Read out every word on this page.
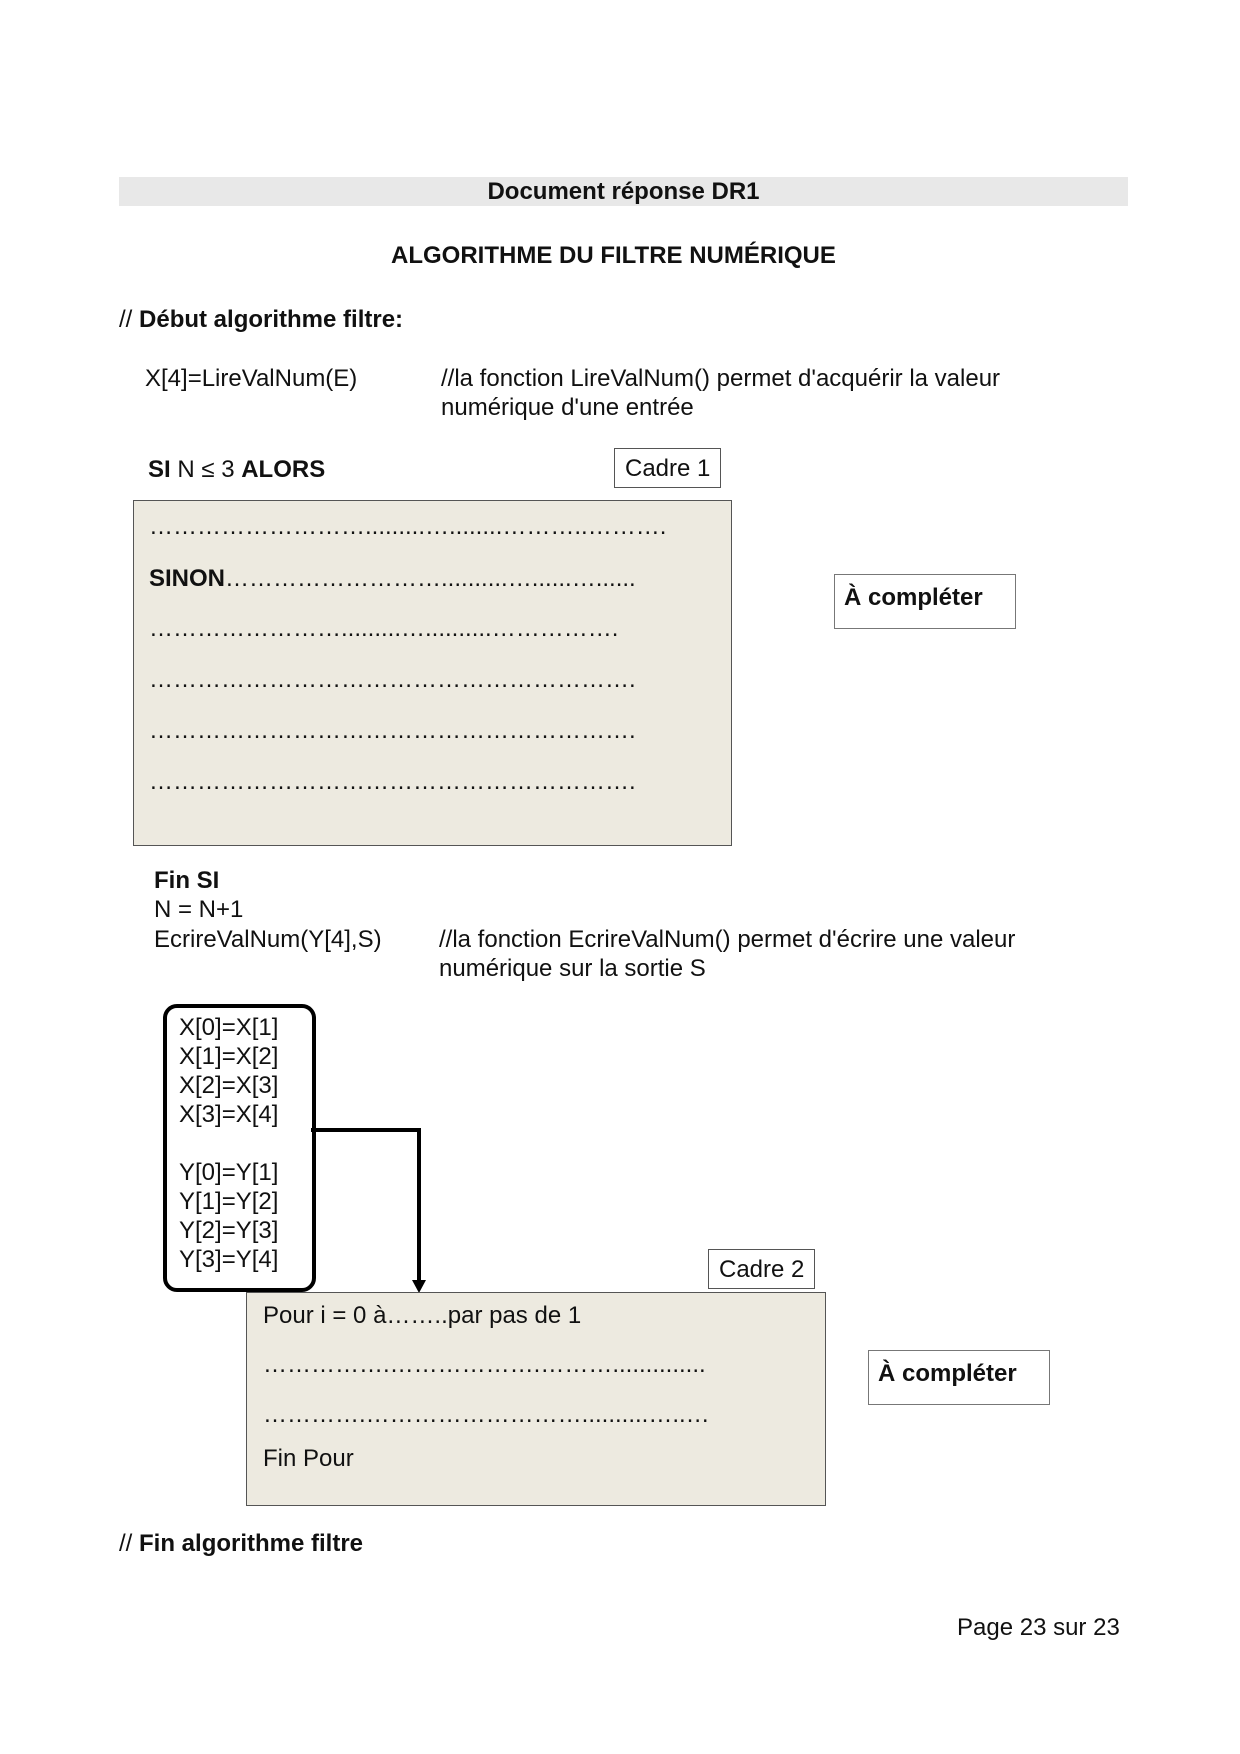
Document réponse DR1
ALGORITHME DU FILTRE NUMÉRIQUE
// Début algorithme filtre:
X[4]=LireValNum(E)	//la fonction LireValNum() permet d'acquérir la valeur
numérique d'une entrée
SI N ≤ 3 ALORS	Cadre 1
……………………….........…........………..……….
SINON………………………..........…......…......
…………………….........…..........…………….
…………………………………………………….
…………………………………………………….
…………………………………………………….
À compléter
Fin SI
N = N+1
EcrireValNum(Y[4],S) //la fonction EcrireValNum() permet d'écrire une valeur
numérique sur la sortie S
X[0]=X[1]
X[1]=X[2]
X[2]=X[3]
X[3]=X[4]
Y[0]=Y[1]
Y[1]=Y[2]
Y[2]=Y[3]
Y[3]=Y[4]	Cadre 2
Pour i = 0 à……..par pas de 1
…………….……………….………..............
………….………………………..........…..…
Fin Pour
À compléter
// Fin algorithme filtre
Page 23 sur 23
